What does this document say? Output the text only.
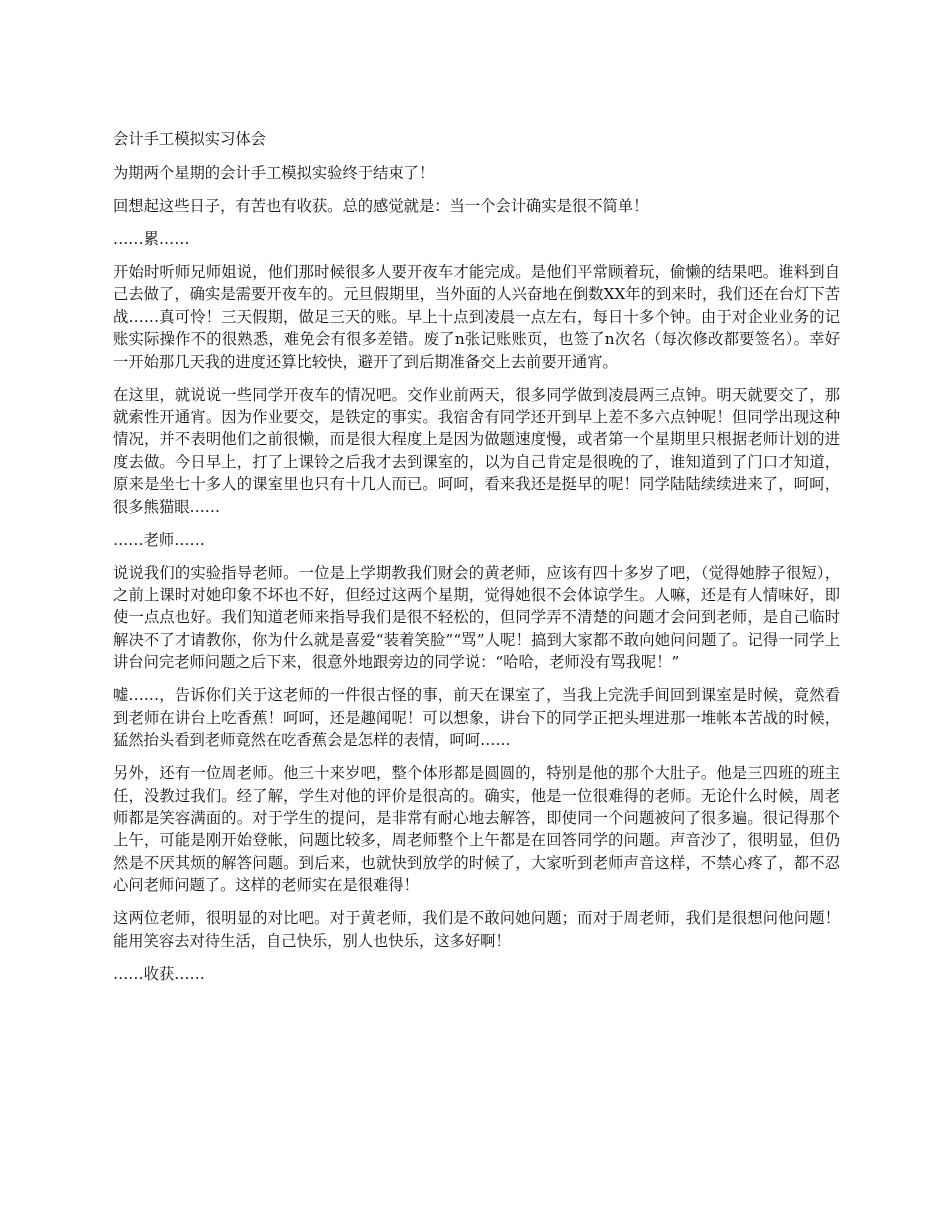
会计手工模拟实习体会

为期两个星期的会计手工模拟实验终于结束了！

回想起这些日子，有苦也有收获。总的感觉就是：当一个会计确实是很不简单！

……累……

开始时听师兄师姐说，他们那时候很多人要开夜车才能完成。是他们平常顾着玩，偷懒的结果吧。谁料到自己去做了，确实是需要开夜车的。元旦假期里，当外面的人兴奋地在倒数XX年的到来时，我们还在台灯下苦战……真可怜！三天假期，做足三天的账。早上十点到凌晨一点左右，每日十多个钟。由于对企业业务的记账实际操作不的很熟悉，难免会有很多差错。废了n张记账账页，也签了n次名（每次修改都要签名）。幸好一开始那几天我的进度还算比较快，避开了到后期准备交上去前要开通宵。

在这里，就说说一些同学开夜车的情况吧。交作业前两天，很多同学做到凌晨两三点钟。明天就要交了，那就索性开通宵。因为作业要交，是铁定的事实。我宿舍有同学还开到早上差不多六点钟呢！但同学出现这种情况，并不表明他们之前很懒，而是很大程度上是因为做题速度慢，或者第一个星期里只根据老师计划的进度去做。今日早上，打了上课铃之后我才去到课室的，以为自己肯定是很晚的了，谁知道到了门口才知道，原来是坐七十多人的课室里也只有十几人而已。呵呵，看来我还是挺早的呢！同学陆陆续续进来了，呵呵，很多熊猫眼……

……老师……

说说我们的实验指导老师。一位是上学期教我们财会的黄老师，应该有四十多岁了吧，（觉得她脖子很短），之前上课时对她印象不坏也不好，但经过这两个星期，觉得她很不会体谅学生。人嘛，还是有人情味好，即使一点点也好。我们知道老师来指导我们是很不轻松的，但同学弄不清楚的问题才会问到老师，是自己临时解决不了才请教你，你为什么就是喜爱“装着笑脸”“骂”人呢！搞到大家都不敢向她问问题了。记得一同学上讲台问完老师问题之后下来，很意外地跟旁边的同学说：“哈哈，老师没有骂我呢！”

嘘……，告诉你们关于这老师的一件很古怪的事，前天在课室了，当我上完洗手间回到课室是时候，竟然看到老师在讲台上吃香蕉！呵呵，还是趣闻呢！可以想象，讲台下的同学正把头埋进那一堆帐本苦战的时候，猛然抬头看到老师竟然在吃香蕉会是怎样的表情，呵呵……

另外，还有一位周老师。他三十来岁吧，整个体形都是圆圆的，特别是他的那个大肚子。他是三四班的班主任，没教过我们。经了解，学生对他的评价是很高的。确实，他是一位很难得的老师。无论什么时候，周老师都是笑容满面的。对于学生的提问，是非常有耐心地去解答，即使同一个问题被问了很多遍。很记得那个上午，可能是刚开始登帐，问题比较多，周老师整个上午都是在回答同学的问题。声音沙了，很明显，但仍然是不厌其烦的解答问题。到后来，也就快到放学的时候了，大家听到老师声音这样，不禁心疼了，都不忍心问老师问题了。这样的老师实在是很难得！

这两位老师，很明显的对比吧。对于黄老师，我们是不敢问她问题；而对于周老师，我们是很想问他问题！能用笑容去对待生活，自己快乐，别人也快乐，这多好啊！

……收获……
